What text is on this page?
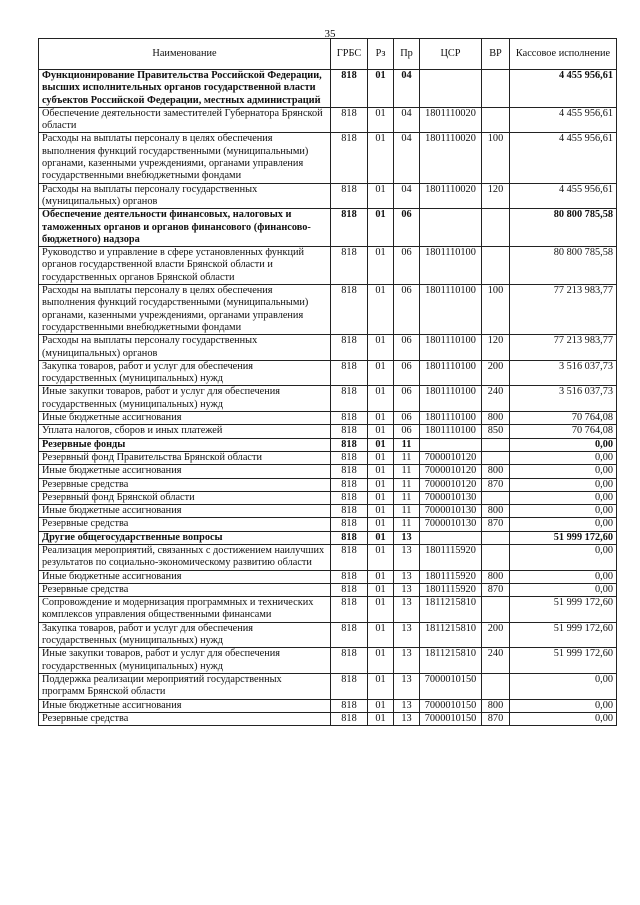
35
Наименование	ГРБС	Рз	Пр	ЦСР	ВР	Кассовое исполнение
Функционирование Правительства Российской Федерации, высших исполнительных органов государственной власти субъектов Российской Федерации, местных администраций	818	01	04			4 455 956,61
Обеспечение деятельности заместителей Губернатора Брянской области	818	01	04	1801110020		4 455 956,61
Расходы на выплаты персоналу в целях обеспечения выполнения функций государственными (муниципальными) органами, казенными учреждениями, органами управления государственными внебюджетными фондами	818	01	04	1801110020	100	4 455 956,61
Расходы на выплаты персоналу государственных (муниципальных) органов	818	01	04	1801110020	120	4 455 956,61
Обеспечение деятельности финансовых, налоговых и таможенных органов и органов финансового (финансово-бюджетного) надзора	818	01	06			80 800 785,58
Руководство и управление в сфере установленных функций органов государственной власти Брянской области и государственных органов Брянской области	818	01	06	1801110100		80 800 785,58
Расходы на выплаты персоналу в целях обеспечения выполнения функций государственными (муниципальными) органами, казенными учреждениями, органами управления государственными внебюджетными фондами	818	01	06	1801110100	100	77 213 983,77
Расходы на выплаты персоналу государственных (муниципальных) органов	818	01	06	1801110100	120	77 213 983,77
Закупка товаров, работ и услуг для обеспечения государственных (муниципальных) нужд	818	01	06	1801110100	200	3 516 037,73
Иные закупки товаров, работ и услуг для обеспечения государственных (муниципальных) нужд	818	01	06	1801110100	240	3 516 037,73
Иные бюджетные ассигнования	818	01	06	1801110100	800	70 764,08
Уплата налогов, сборов и иных платежей	818	01	06	1801110100	850	70 764,08
Резервные фонды	818	01	11			0,00
Резервный фонд Правительства Брянской области	818	01	11	7000010120		0,00
Иные бюджетные ассигнования	818	01	11	7000010120	800	0,00
Резервные средства	818	01	11	7000010120	870	0,00
Резервный фонд Брянской области	818	01	11	7000010130		0,00
Иные бюджетные ассигнования	818	01	11	7000010130	800	0,00
Резервные средства	818	01	11	7000010130	870	0,00
Другие общегосударственные вопросы	818	01	13			51 999 172,60
Реализация мероприятий, связанных с достижением наилучших результатов по социально-экономическому развитию области	818	01	13	1801115920		0,00
Иные бюджетные ассигнования	818	01	13	1801115920	800	0,00
Резервные средства	818	01	13	1801115920	870	0,00
Сопровождение и модернизация программных и технических комплексов управления общественными финансами	818	01	13	1811215810		51 999 172,60
Закупка товаров, работ и услуг для обеспечения государственных (муниципальных) нужд	818	01	13	1811215810	200	51 999 172,60
Иные закупки товаров, работ и услуг для обеспечения государственных (муниципальных) нужд	818	01	13	1811215810	240	51 999 172,60
Поддержка реализации мероприятий государственных программ Брянской области	818	01	13	7000010150		0,00
Иные бюджетные ассигнования	818	01	13	7000010150	800	0,00
Резервные средства	818	01	13	7000010150	870	0,00
